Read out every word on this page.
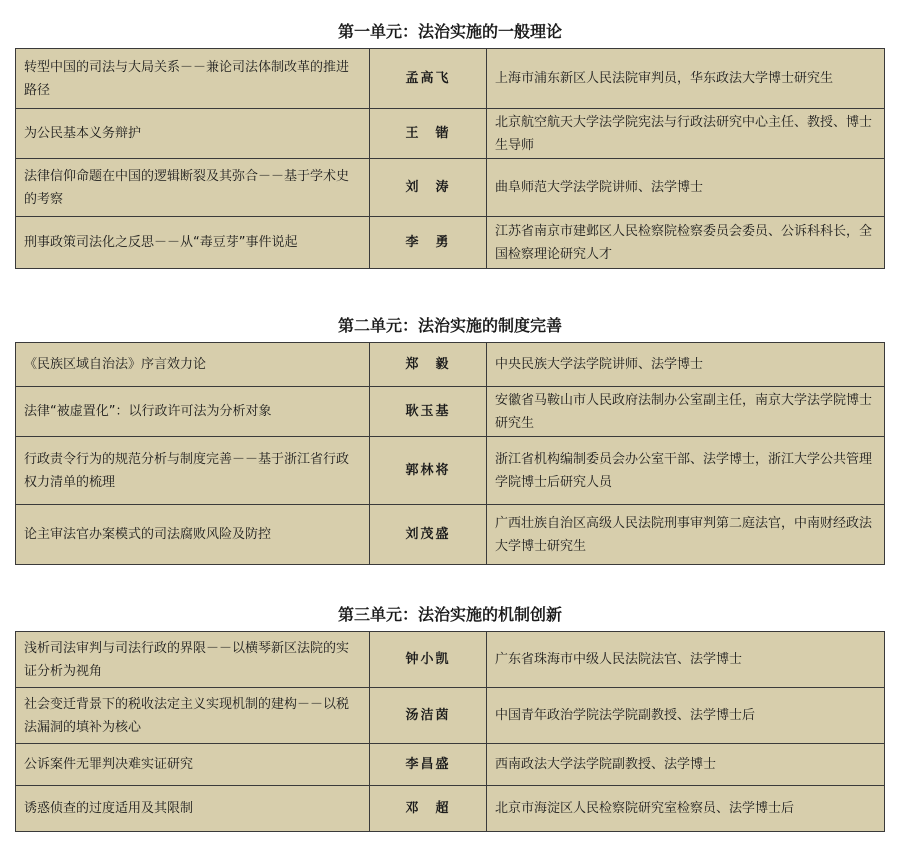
第一单元：法治实施的一般理论
转型中国的司法与大局关系－－兼论司法体制改革的推进路径	孟高飞	上海市浦东新区人民法院审判员，华东政法大学博士研究生
为公民基本义务辩护	王　锴	北京航空航天大学法学院宪法与行政法研究中心主任、教授、博士生导师
法律信仰命题在中国的逻辑断裂及其弥合－－基于学术史的考察	刘　涛	曲阜师范大学法学院讲师、法学博士
刑事政策司法化之反思－－从“毒豆芽”事件说起	李　勇	江苏省南京市建邺区人民检察院检察委员会委员、公诉科科长，全国检察理论研究人才
第二单元：法治实施的制度完善
《民族区域自治法》序言效力论	郑　毅	中央民族大学法学院讲师、法学博士
法律“被虚置化”：以行政许可法为分析对象	耿玉基	安徽省马鞍山市人民政府法制办公室副主任，南京大学法学院博士研究生
行政责令行为的规范分析与制度完善－－基于浙江省行政权力清单的梳理	郭林将	浙江省机构编制委员会办公室干部、法学博士，浙江大学公共管理学院博士后研究人员
论主审法官办案模式的司法腐败风险及防控	刘茂盛	广西壮族自治区高级人民法院刑事审判第二庭法官，中南财经政法大学博士研究生
第三单元：法治实施的机制创新
浅析司法审判与司法行政的界限－－以横琴新区法院的实证分析为视角	钟小凯	广东省珠海市中级人民法院法官、法学博士
社会变迁背景下的税收法定主义实现机制的建构－－以税法漏洞的填补为核心	汤洁茵	中国青年政治学院法学院副教授、法学博士后
公诉案件无罪判决难实证研究	李昌盛	西南政法大学法学院副教授、法学博士
诱惑侦查的过度适用及其限制	邓　超	北京市海淀区人民检察院研究室检察员、法学博士后
